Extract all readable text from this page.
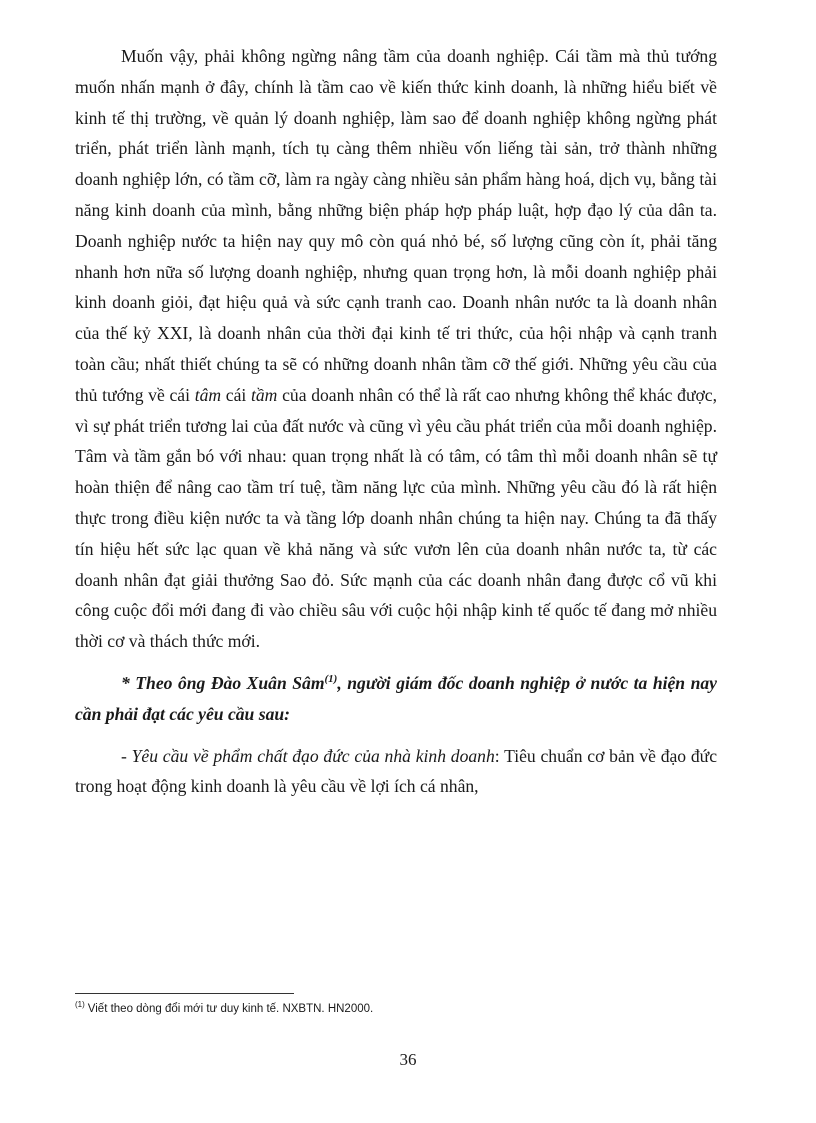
Muốn vậy, phải không ngừng nâng tầm của doanh nghiệp. Cái tầm mà thủ tướng muốn nhấn mạnh ở đây, chính là tầm cao về kiến thức kinh doanh, là những hiểu biết về kinh tế thị trường, về quản lý doanh nghiệp, làm sao để doanh nghiệp không ngừng phát triển, phát triển lành mạnh, tích tụ càng thêm nhiều vốn liếng tài sản, trở thành những doanh nghiệp lớn, có tầm cỡ, làm ra ngày càng nhiều sản phẩm hàng hoá, dịch vụ, bằng tài năng kinh doanh của mình, bằng những biện pháp hợp pháp luật, hợp đạo lý của dân ta. Doanh nghiệp nước ta hiện nay quy mô còn quá nhỏ bé, số lượng cũng còn ít, phải tăng nhanh hơn nữa số lượng doanh nghiệp, nhưng quan trọng hơn, là mỗi doanh nghiệp phải kinh doanh giỏi, đạt hiệu quả và sức cạnh tranh cao. Doanh nhân nước ta là doanh nhân của thế kỷ XXI, là doanh nhân của thời đại kinh tế tri thức, của hội nhập và cạnh tranh toàn cầu; nhất thiết chúng ta sẽ có những doanh nhân tầm cỡ thế giới. Những yêu cầu của thủ tướng về cái tâm cái tầm của doanh nhân có thể là rất cao nhưng không thể khác được, vì sự phát triển tương lai của đất nước và cũng vì yêu cầu phát triển của mỗi doanh nghiệp. Tâm và tầm gắn bó với nhau: quan trọng nhất là có tâm, có tâm thì mỗi doanh nhân sẽ tự hoàn thiện để nâng cao tầm trí tuệ, tầm năng lực của mình. Những yêu cầu đó là rất hiện thực trong điều kiện nước ta và tầng lớp doanh nhân chúng ta hiện nay. Chúng ta đã thấy tín hiệu hết sức lạc quan về khả năng và sức vươn lên của doanh nhân nước ta, từ các doanh nhân đạt giải thưởng Sao đỏ. Sức mạnh của các doanh nhân đang được cổ vũ khi công cuộc đổi mới đang đi vào chiều sâu với cuộc hội nhập kinh tế quốc tế đang mở nhiều thời cơ và thách thức mới.

* Theo ông Đào Xuân Sâm$^{(1)}$, người giám đốc doanh nghiệp ở nước ta hiện nay cần phải đạt các yêu cầu sau:

- Yêu cầu về phẩm chất đạo đức của nhà kinh doanh: Tiêu chuẩn cơ bản về đạo đức trong hoạt động kinh doanh là yêu cầu về lợi ích cá nhân,

$^{(1)}$ Viết theo dòng đổi mới tư duy kinh tế. NXBTN. HN2000.
36
